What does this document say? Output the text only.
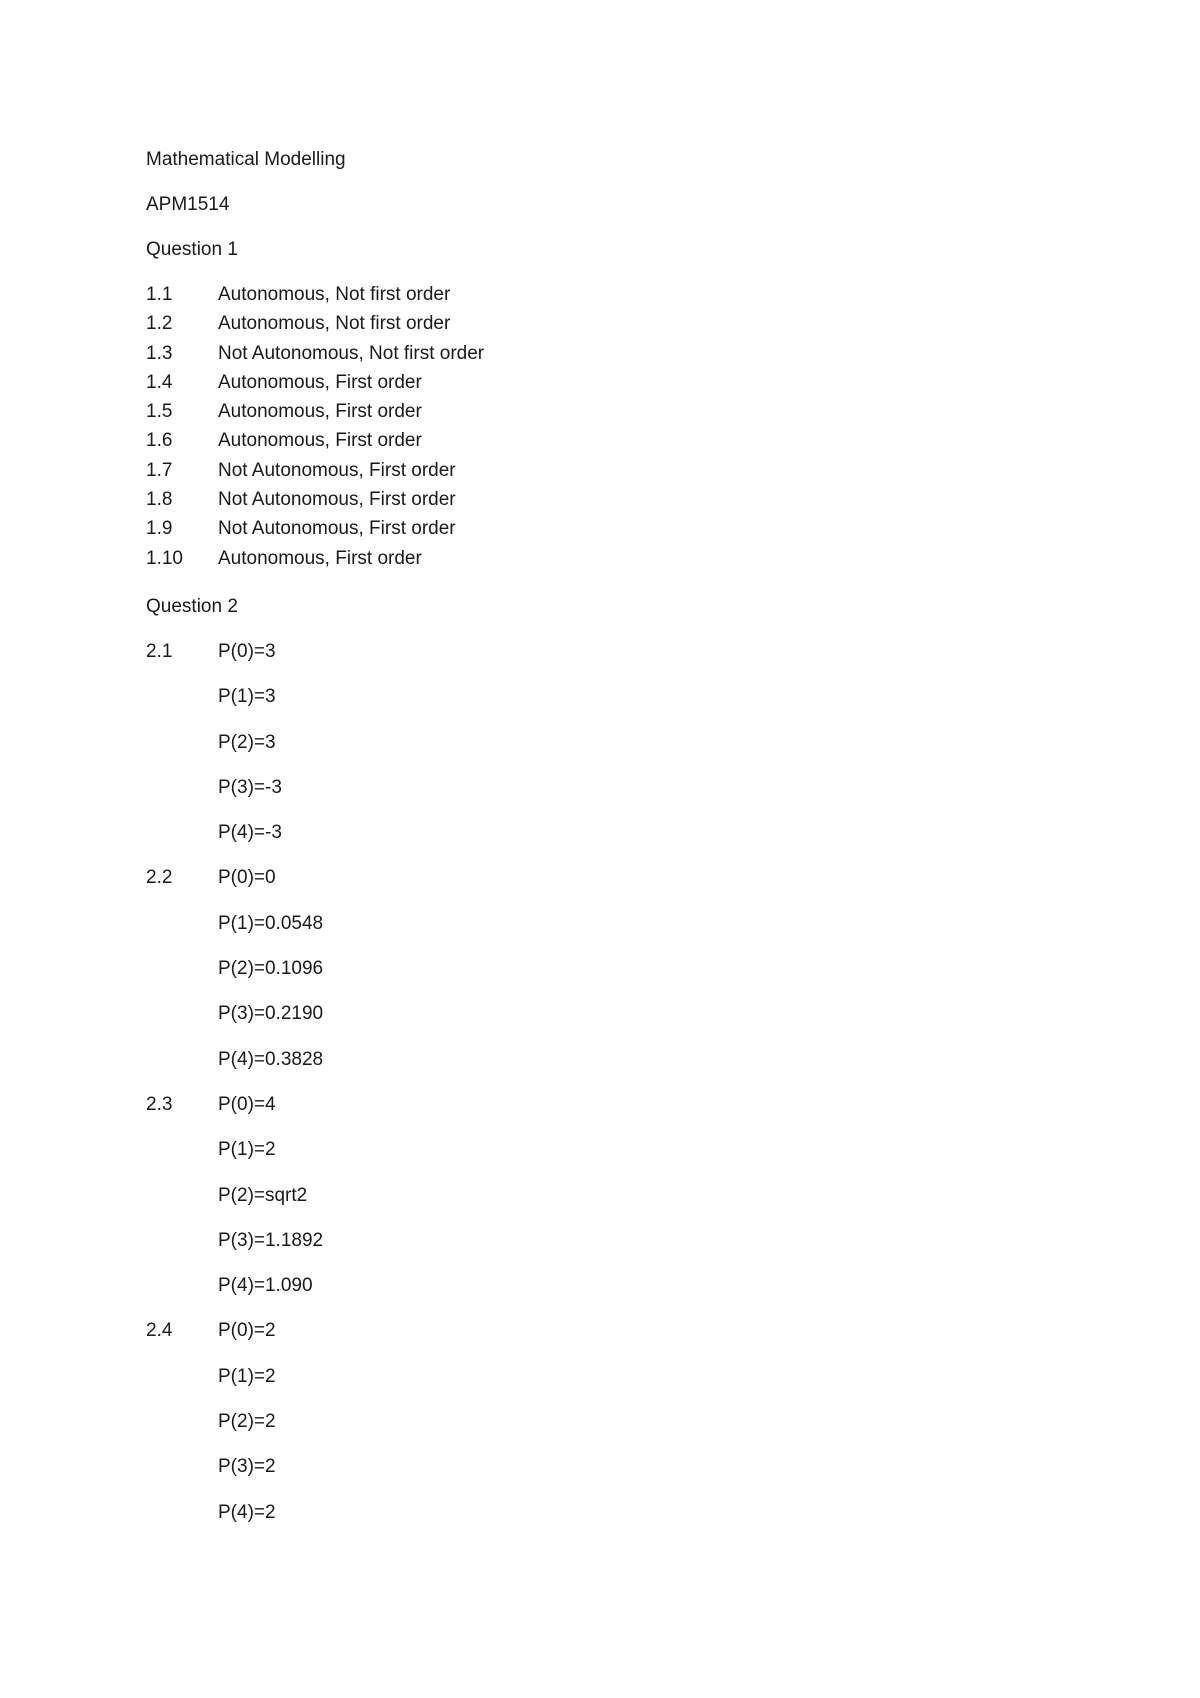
Mathematical Modelling
APM1514
Question 1
1.1	Autonomous, Not first order
1.2	Autonomous, Not first order
1.3	Not Autonomous, Not first order
1.4	Autonomous, First order
1.5	Autonomous, First order
1.6	Autonomous, First order
1.7	Not Autonomous, First order
1.8	Not Autonomous, First order
1.9	Not Autonomous, First order
1.10	Autonomous, First order
Question 2
2.1	P(0)=3
P(1)=3
P(2)=3
P(3)=-3
P(4)=-3
2.2	P(0)=0
P(1)=0.0548
P(2)=0.1096
P(3)=0.2190
P(4)=0.3828
2.3	P(0)=4
P(1)=2
P(2)=sqrt2
P(3)=1.1892
P(4)=1.090
2.4	P(0)=2
P(1)=2
P(2)=2
P(3)=2
P(4)=2
